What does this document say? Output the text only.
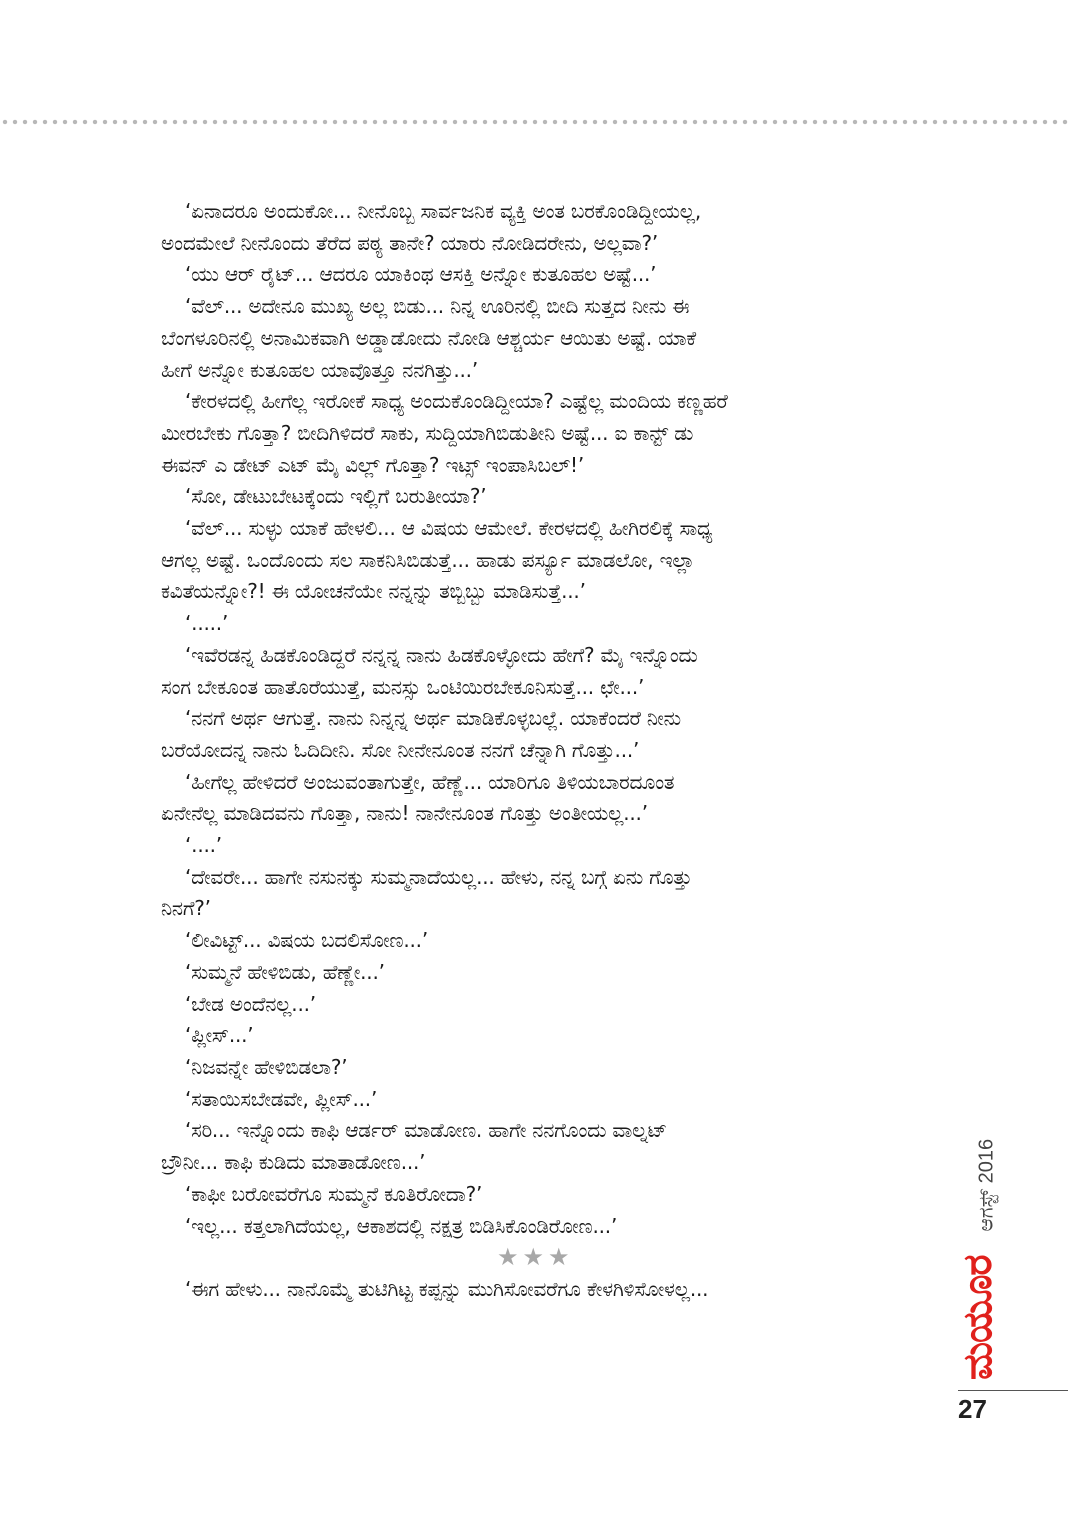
‘ಏನಾದರೂ ಅಂದುಕೋ... ನೀನೊಬ್ಬ ಸಾರ್ವಜನಿಕ ವ್ಯಕ್ತಿ ಅಂತ ಬರಕೊಂಡಿದ್ದೀಯಲ್ಲ,

ಅಂದಮೇಲೆ ನೀನೊಂದು ತೆರೆದ ಪಠ್ಯ ತಾನೇ? ಯಾರು ನೋಡಿದರೇನು, ಅಲ್ಲವಾ?’

‘ಯು ಆರ್ ರೈಟ್... ಆದರೂ ಯಾಕಿಂಥ ಆಸಕ್ತಿ ಅನ್ನೋ ಕುತೂಹಲ ಅಷ್ಟೆ...’

‘ವೆಲ್... ಅದೇನೂ ಮುಖ್ಯ ಅಲ್ಲ ಬಿಡು... ನಿನ್ನ ಊರಿನಲ್ಲಿ ಬೀದಿ ಸುತ್ತದ ನೀನು ಈ

ಬೆಂಗಳೂರಿನಲ್ಲಿ ಅನಾಮಿಕವಾಗಿ ಅಡ್ಡಾಡೋದು ನೋಡಿ ಆಶ್ಚರ್ಯ ಆಯಿತು ಅಷ್ಟೆ. ಯಾಕೆ

ಹೀಗೆ ಅನ್ನೋ ಕುತೂಹಲ ಯಾವೊತ್ತೂ ನನಗಿತ್ತು...’

‘ಕೇರಳದಲ್ಲಿ ಹೀಗೆಲ್ಲ ಇರೋಕೆ ಸಾಧ್ಯ ಅಂದುಕೊಂಡಿದ್ದೀಯಾ? ಎಷ್ಟೆಲ್ಲ ಮಂದಿಯ ಕಣ್ಣಹರೆ

ಮೀರಬೇಕು ಗೊತ್ತಾ? ಬೀದಿಗಿಳಿದರೆ ಸಾಕು, ಸುದ್ದಿಯಾಗಿಬಿಡುತೀನಿ ಅಷ್ಟೆ... ಐ ಕಾನ್ಟ್ ಡು

ಈವನ್ ಎ ಡೇಟ್ ಎಟ್ ಮೈ ವಿಲ್ಲ್ ಗೊತ್ತಾ? ಇಟ್ಸ್ ಇಂಪಾಸಿಬಲ್!’

‘ಸೋ, ಡೇಟುಬೇಟಕ್ಕೆಂದು ಇಲ್ಲಿಗೆ ಬರುತೀಯಾ?’

‘ವೆಲ್... ಸುಳ್ಳು ಯಾಕೆ ಹೇಳಲಿ... ಆ ವಿಷಯ ಆಮೇಲೆ. ಕೇರಳದಲ್ಲಿ ಹೀಗಿರಲಿಕ್ಕೆ ಸಾಧ್ಯ

ಆಗಲ್ಲ ಅಷ್ಟೆ. ಒಂದೊಂದು ಸಲ ಸಾಕನಿಸಿಬಿಡುತ್ತೆ... ಹಾಡು ಪರ್ಸ್ಯೂ ಮಾಡಲೋ, ಇಲ್ಲಾ

ಕವಿತೆಯನ್ನೋ?! ಈ ಯೋಚನೆಯೇ ನನ್ನನ್ನು ತಬ್ಬಿಬ್ಬು ಮಾಡಿಸುತ್ತೆ...’

‘.....’

‘ಇವೆರಡನ್ನ ಹಿಡಕೊಂಡಿದ್ದರೆ ನನ್ನನ್ನ ನಾನು ಹಿಡಕೊಳ್ಳೋದು ಹೇಗೆ? ಮೈ ಇನ್ನೊಂದು

ಸಂಗ ಬೇಕೂಂತ ಹಾತೊರೆಯುತ್ತೆ, ಮನಸ್ಸು ಒಂಟಿಯಿರಬೇಕೂನಿಸುತ್ತೆ... ಛೇ...’

‘ನನಗೆ ಅರ್ಥ ಆಗುತ್ತೆ. ನಾನು ನಿನ್ನನ್ನ ಅರ್ಥ ಮಾಡಿಕೊಳ್ಳಬಲ್ಲೆ. ಯಾಕೆಂದರೆ ನೀನು

ಬರೆಯೋದನ್ನ ನಾನು ಓದಿದೀನಿ. ಸೋ ನೀನೇನೂಂತ ನನಗೆ ಚೆನ್ನಾಗಿ ಗೊತ್ತು...’

‘ಹೀಗೆಲ್ಲ ಹೇಳಿದರೆ ಅಂಜುವಂತಾಗುತ್ತೇ, ಹೆಣ್ಣೆ... ಯಾರಿಗೂ ತಿಳಿಯಬಾರದೂಂತ

ಏನೇನೆಲ್ಲ ಮಾಡಿದವನು ಗೊತ್ತಾ, ನಾನು! ನಾನೇನೂಂತ ಗೊತ್ತು ಅಂತೀಯಲ್ಲ...’

‘....’

‘ದೇವರೇ... ಹಾಗೇ ನಸುನಕ್ಕು ಸುಮ್ಮನಾದೆಯಲ್ಲ... ಹೇಳು, ನನ್ನ ಬಗ್ಗೆ ಏನು ಗೊತ್ತು

ನಿನಗೆ?’

‘ಲೀವಿಟ್ಟ್... ವಿಷಯ ಬದಲಿಸೋಣ...’

‘ಸುಮ್ಮನೆ ಹೇಳಿಬಿಡು, ಹೆಣ್ಣೇ...’

‘ಬೇಡ ಅಂದೆನಲ್ಲ...’

‘ಪ್ಲೀಸ್...’

‘ನಿಜವನ್ನೇ ಹೇಳಿಬಿಡಲಾ?’

‘ಸತಾಯಿಸಬೇಡವೇ, ಪ್ಲೀಸ್...’

‘ಸರಿ... ಇನ್ನೊಂದು ಕಾಫಿ ಆರ್ಡರ್ ಮಾಡೋಣ. ಹಾಗೇ ನನಗೊಂದು ವಾಲ್ನಟ್

ಬ್ರೌನೀ... ಕಾಫಿ ಕುಡಿದು ಮಾತಾಡೋಣ...’

‘ಕಾಫೀ ಬರೋವರೆಗೂ ಸುಮ್ಮನೆ ಕೂತಿರೋದಾ?’

‘ಇಲ್ಲ... ಕತ್ತಲಾಗಿದೆಯಲ್ಲ, ಆಕಾಶದಲ್ಲಿ ನಕ್ಷತ್ರ ಬಿಡಿಸಿಕೊಂಡಿರೋಣ...’

★★★

‘ಈಗ ಹೇಳು... ನಾನೊಮ್ಮೆ ತುಟಿಗಿಟ್ಟ ಕಪ್ಪನ್ನು ಮುಗಿಸೋವರೆಗೂ ಕೇಳಗಿಳಿಸೋಳಲ್ಲ...	ಮಯೂರ
ಆಗಸ್ಟ್ 2016
27
